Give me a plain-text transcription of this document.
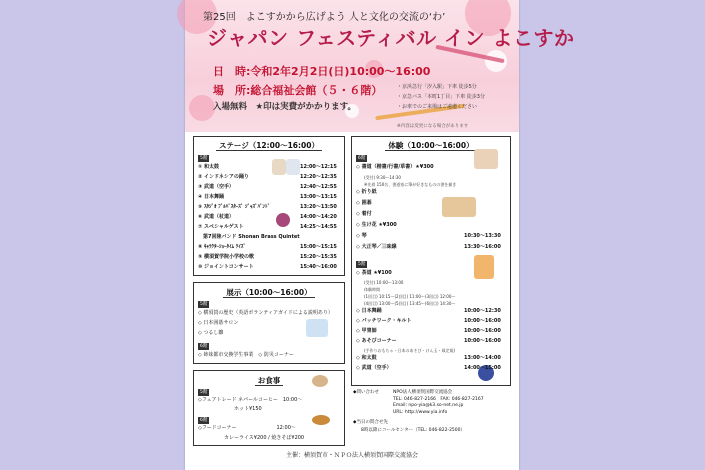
第25回　よこすかから広げよう 人と文化の交流の‘わ’
ジャパン フェスティバル イン よこすか
日　時:令和2年2月2日(日)10:00～16:00
場　所:総合福祉会館（５・６階）
入場無料　★印は実費がかかります。
・京浜急行「汐入駅」下車 徒歩5分
・京急バス「本町1丁目」下車 徒歩3分
・お車でのご来場はご遠慮ください
※内容は変更になる場合があります
ステージ（12:00～16:00）
5階
① 和太鼓	12:00～12:15
② インドネシアの踊り	12:20～12:35
③ 武道（空手）	12:40～12:55
④ 日本舞踊	13:00～13:15
⑤ ｽﾀｼﾞｵ ﾌﾞﾙﾊﾞｽﾀｰｽﾞ ｼﾞｬｽﾞﾊﾞﾝﾄﾞ	13:20～13:50
⑥ 武道（杖道）	14:00～14:20
⑦ スペシャルゲスト	14:25～14:55
　第7回陸バンド Shonan Brass Quintet
⑧ ｷｬﾗｸﾀｰｼｮｰﾀｲﾑ ｸｲｽﾞ	15:00～15:15
⑨ 横須賀学院小学校の歌	15:20～15:35
⑩ ジョイントコンサート	15:40～16:00
展示（10:00～16:00）
5階
◇ 横須賀の歴史（英語ボランティアガイドによる説明あり）
◇ 日本囲碁サロン
◇ つるし雛
6階
◇ 姉妹都市交換学生事業　◇ 防災コーナー
お食事
5階
◇フェアトレード ネパールコーヒー　10:00～
ホット¥150
6階
◇フードコーナー　　　　　　　　12:00～
カレーライス¥200 / 焼きそば¥200
体験（10:00～16:00）
6階
◇ 書道（楷書/行書/草書）★¥300
(受付) 9:30～14:30
※先着 150名、書道家に筆が好きなものの書を描き
◇ 折り紙
◇ 囲碁
◇ 着付
◇ 生け花 ★¥300
◇ 琴	10:30～13:30
◇ 大正琴／三味線	13:30～16:00
5階
◇ 茶道 ★¥100
(受付) 10:00～13:00
体験時間
(1回目) 10:15～(2回目) 11:00～(3回目) 12:00～
(4回目) 13:00～(5回目) 13:45～(6回目) 14:30～
◇ 日本舞踊	10:00～12:30
◇ パッチワーク・キルト	10:00～16:00
◇ 甲冑師	10:00～16:00
◇ あそびコーナー	10:00～16:00
(手作りおもちゃ・日本のあそび・けん玉・凧定規)
◇ 和太鼓	13:00～14:00
◇ 武道（空手）	14:00～15:00
◆問い合わせ	NPO法人横須賀国際交流協会
TEL: 046-827-2166　FAX: 046-827-2167
Email: npo-yia@k3.so-net.ne.jp
URL: http://www.yia.info
◆当日の問合せ先
8時以降にコールセンター（TEL: 046-822-2500）
主催：横須賀市・ＮＰＯ法人横須賀国際交流協会
